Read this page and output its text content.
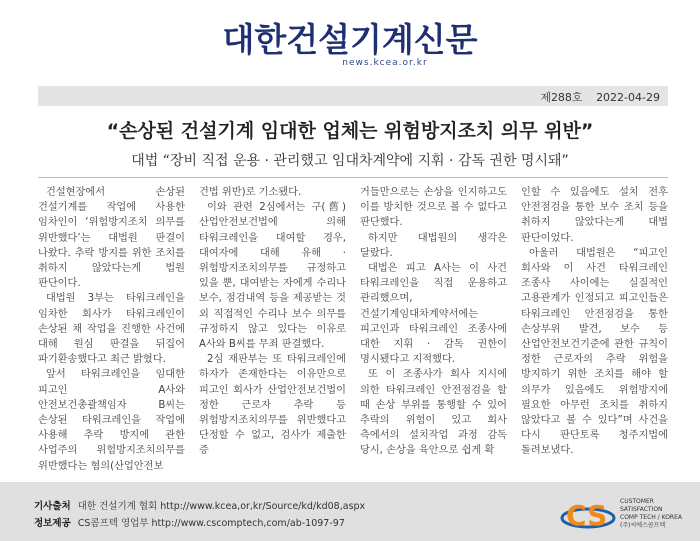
대한건설기계신문
news.kcea.or.kr
제288호 2022-04-29
“손상된 건설기계 임대한 업체는 위험방지조치 의무 위반”
대법 “장비 직접 운용 · 관리했고 임대차계약에 지휘 · 감독 권한 명시돼”

건설현장에서 손상된 건설기계를 작업에 사용한 임차인이 ‘위험방지조치 의무를 위반했다’는 대법원 판결이 나왔다. 추락 방지를 위한 조치를 취하지 않았다는게 법원 판단이다.

대법원 3부는 타워크레인을 임차한 회사가 타워크레인이 손상된 채 작업을 진행한 사건에 대해 원심 판결을 뒤집어 파기환송했다고 최근 밝혔다.

앞서 타워크레인을 임대한 피고인 A사와 안전보건총괄책임자 B씨는 손상된 타워크레인을 작업에 사용해 추락 방지에 관한 사업주의 위험방지조치의무를 위반했다는 혐의(산업안전보

건법 위반)로 기소됐다.

이와 관련 2심에서는 구(舊) 산업안전보건법에 의해 타워크레인을 대여할 경우, 대여자에 대해 유해 · 위험방지조치의무를 규정하고 있을 뿐, 대여받는 자에게 수리나 보수, 점검내역 등을 제공받는 것 외 직접적인 수리나 보수 의무를 규정하지 않고 있다는 이유로 A사와 B씨를 무죄 판결했다.

2심 재판부는 또 타워크레인에 하자가 존재한다는 이유만으로 피고인 회사가 산업안전보건법이 정한 근로자 추락 등 위험방지조치의무를 위반했다고 단정할 수 없고, 검사가 제출한 증

거들만으로는 손상을 인지하고도 이를 방치한 것으로 볼 수 없다고 판단했다.

하지만 대법원의 생각은 달랐다.

대법은 피고 A사는 이 사건 타워크레인을 직접 운용하고 관리했으며, 건설기계임대차계약서에는 피고인과 타워크레인 조종사에 대한 지휘 · 감독 권한이 명시됐다고 지적했다.

또 이 조종사가 회사 지시에 의한 타워크레인 안전점검을 할 때 손상 부위를 통행할 수 있어 추락의 위험이 있고 회사 측에서의 설치작업 과정 감독 당시, 손상을 육안으로 쉽게 확

인할 수 있음에도 설치 전후 안전점검을 통한 보수 조치 등을 취하지 않았다는게 대법 판단이었다.

아울러 대법원은 “피고인 회사와 이 사건 타워크레인 조종사 사이에는 실질적인 고용관계가 인정되고 피고인들은 타워크레인 안전점검을 통한 손상부위 발견, 보수 등 산업안전보건기준에 관한 규칙이 정한 근로자의 추락 위험을 방지하기 위한 조치를 해야 할 의무가 있음에도 위험방지에 필요한 아무런 조치를 취하지 않았다고 볼 수 있다”며 사건을 다시 판단토록 청주지법에 돌려보냈다.

기사출처 대한 건설기계 협회 http://www.kcea,or,kr/Source/kd/kd08,aspx
정보제공 CS콤프텍 영업부 http://www.cscomptech,com/ab-1097-97	CS CUSTOMER SATISFACTION
COMP TECH / KOREA
(주)씨에스콤프텍
